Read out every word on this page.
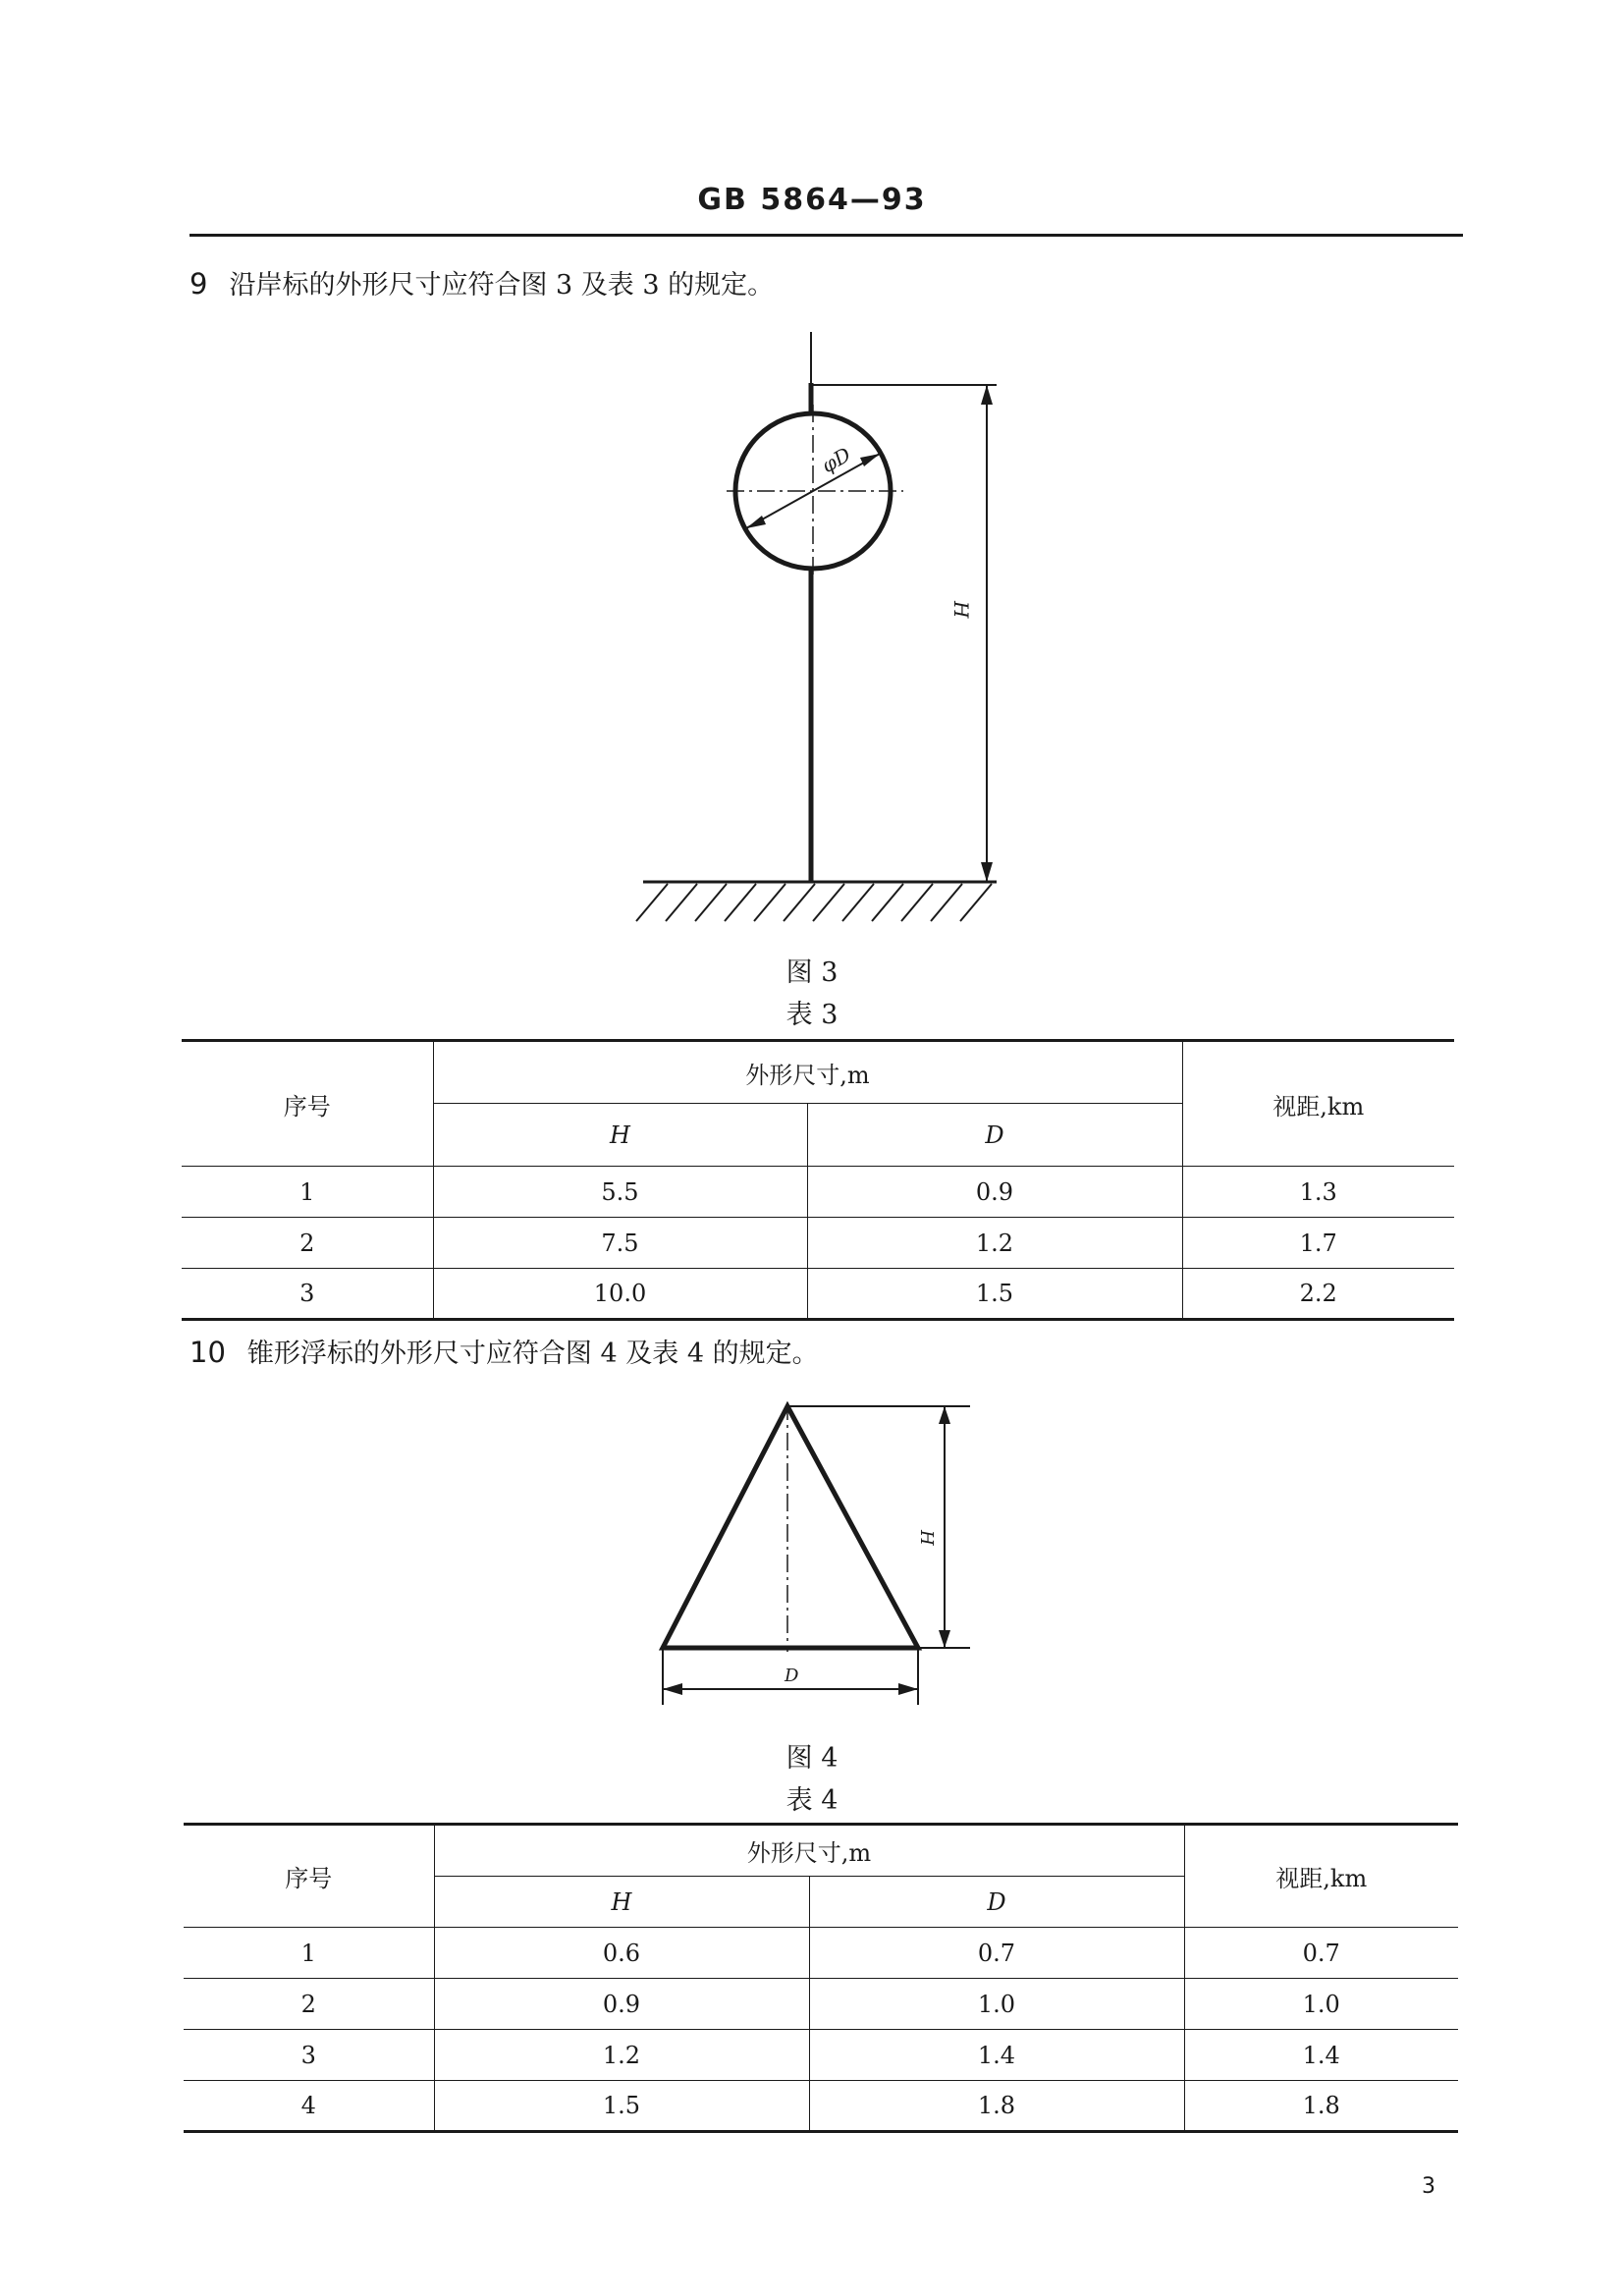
GB 5864—93
9 沿岸标的外形尺寸应符合图 3 及表 3 的规定。
φD
H
图 3
表 3
序号	外形尺寸,m		视距,km
	H	D	
1	5.5	0.9	1.3
2	7.5	1.2	1.7
3	10.0	1.5	2.2
10 锥形浮标的外形尺寸应符合图 4 及表 4 的规定。
H
D
图 4
表 4
序号	外形尺寸,m		视距,km
	H	D	
1	0.6	0.7	0.7
2	0.9	1.0	1.0
3	1.2	1.4	1.4
4	1.5	1.8	1.8
3
